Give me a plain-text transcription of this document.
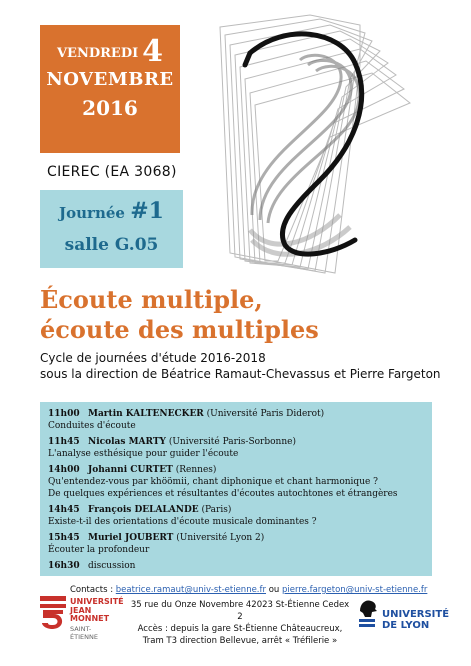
VENDREDI 4
NOVEMBRE
2016
CIEREC (EA 3068)
Journée #1
salle G.05
Écoute multiple,
écoute des multiples
Cycle de journées d'étude 2016-2018
sous la direction de Béatrice Ramaut-Chevassus et Pierre Fargeton
11h00 Martin KALTENECKER (Université Paris Diderot)
Conduites d'écoute
11h45 Nicolas MARTY (Université Paris-Sorbonne)
L'analyse esthésique pour guider l'écoute
14h00 Johanni CURTET (Rennes)
Qu'entendez-vous par khöömii, chant diphonique et chant harmonique ?
De quelques expériences et résultantes d'écoutes autochtones et étrangères
14h45 François DELALANDE (Paris)
Existe-t-il des orientations d'écoute musicale dominantes ?
15h45 Muriel JOUBERT (Université Lyon 2)
Écouter la profondeur
16h30 discussion
Contacts : beatrice.ramaut@univ-st-etienne.fr ou pierre.fargeton@univ-st-etienne.fr
35 rue du Onze Novembre 42023 St-Étienne Cedex 2
Accès : depuis la gare St-Étienne Châteaucreux,
Tram T3 direction Bellevue, arrêt « Tréfilerie »
UNIVERSITÉ
JEAN MONNET
SAINT-ÉTIENNE
UNIVERSITÉ
DE LYON
